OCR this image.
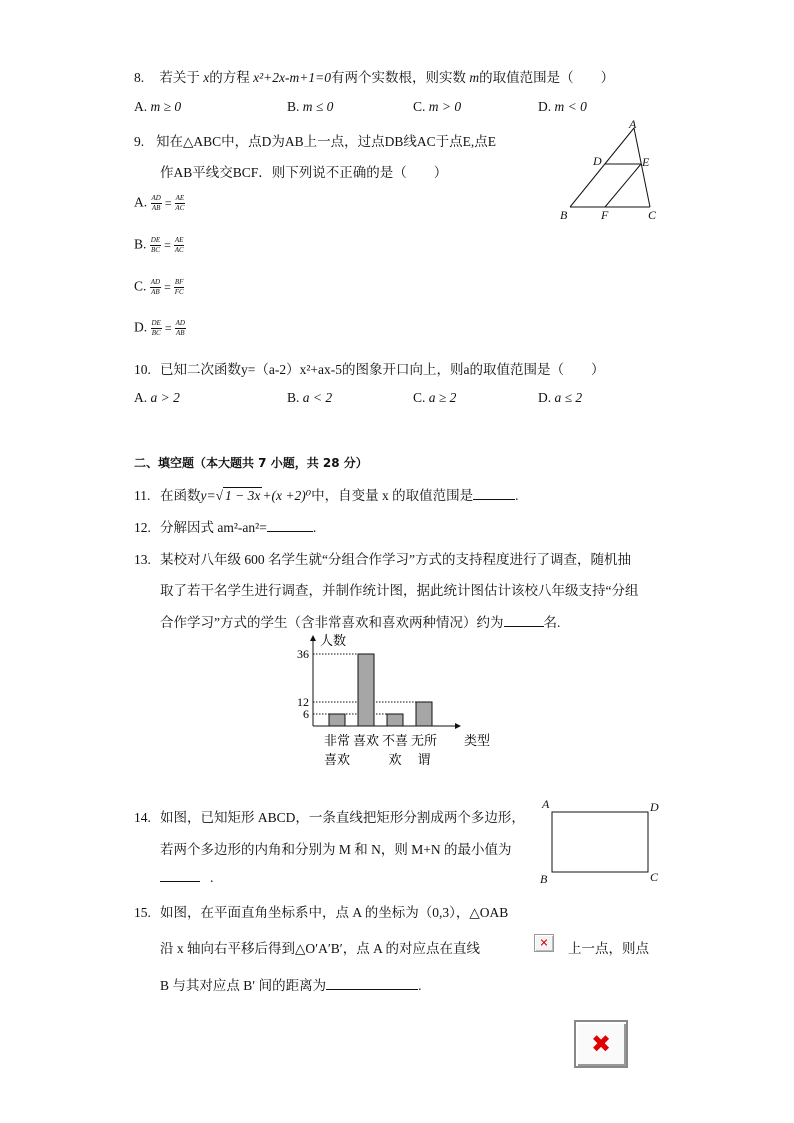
8. 若关于 x的方程 x²+2x-m+1=0有两个实数根，则实数 m的取值范围是（　　）
A. m ≥ 0	B. m ≤ 0	C. m > 0	D. m < 0
9. 知在△ABC中，点D为AB上一点，过点DB线AC于点E,点E
作AB平线交BCF．则下列说不正确的是（　　）
A. $\frac{AD}{AB} = \frac{AE}{AC}$
B. $\frac{DE}{BC} = \frac{AE}{AC}$
C. $\frac{AD}{AB} = \frac{BF}{FC}$
D. $\frac{DE}{BC} = \frac{AD}{AB}$
A
B	C
D	E
F
10. 已知二次函数y=（a-2）x²+ax-5的图象开口向上，则a的取值范围是（　　）
A. a > 2	B. a < 2	C. a ≥ 2	D. a ≤ 2
二、填空题（本大题共 7 小题，共 28 分）
11. 在函数y=√ 1 − 3x +(x +2)⁰中，自变量 x 的取值范围是	.
12. 分解因式 am²-an²=	.
13. 某校对八年级 600 名学生就“分组合作学习”方式的支持程度进行了调查，随机抽
取了若干名学生进行调查，并制作统计图，据此统计图估计该校八年级支持“分组
合作学习”方式的学生（含非常喜欢和喜欢两种情况）约为	名.
人数
类型
6
12
36
非常
喜欢
喜欢 不喜
欢
无所
谓
14. 如图，已知矩形 ABCD，一条直线把矩形分割成两个多边形，
若两个多边形的内角和分别为 M 和 N，则 M+N 的最小值为
.
A	D
B	C
15. 如图，在平面直角坐标系中，点 A 的坐标为（0,3），△OAB
沿 x 轴向右平移后得到△O′A′B′，点 A 的对应点在直线	✕ 上一点，则点
B 与其对应点 B′ 间的距离为	.
✖
